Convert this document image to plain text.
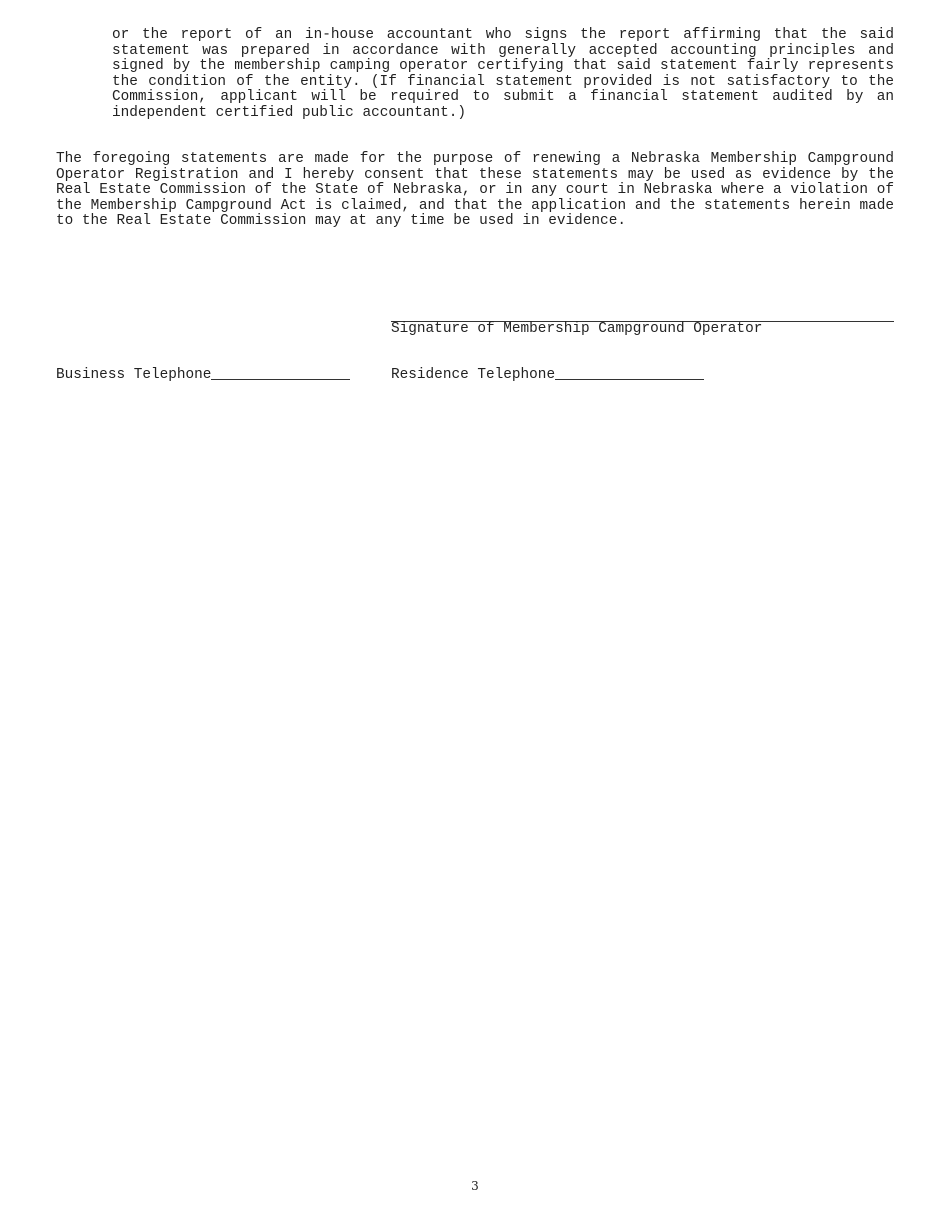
or the report of an in-house accountant who signs the report affirming that the said statement was prepared in accordance with generally accepted accounting principles and signed by the membership camping operator certifying that said statement fairly represents the condition of the entity. (If financial statement provided is not satisfactory to the Commission, applicant will be required to submit a financial statement audited by an independent certified public accountant.)

The foregoing statements are made for the purpose of renewing a Nebraska Membership Campground Operator Registration and I hereby consent that these statements may be used as evidence by the Real Estate Commission of the State of Nebraska, or in any court in Nebraska where a violation of the Membership Campground Act is claimed, and that the application and the statements herein made to the Real Estate Commission may at any time be used in evidence.

Signature of Membership Campground Operator
Business Telephone	Residence Telephone
3
